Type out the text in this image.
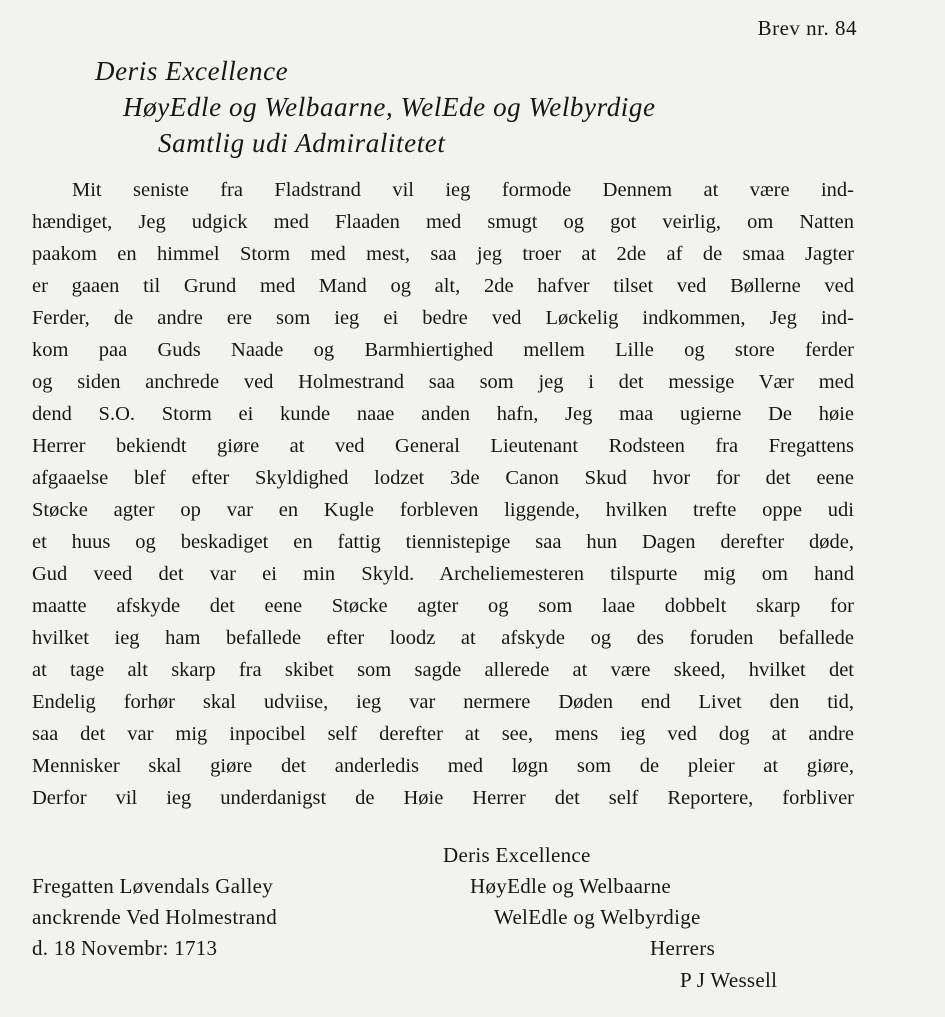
Brev nr. 84
Deris Excellence
HøyEdle og Welbaarne, WelEde og Welbyrdige
Samtlig udi Admiralitetet
Mit seniste fra Fladstrand vil ieg formode Dennem at være ind-
hændiget, Jeg udgick med Flaaden med smugt og got veirlig, om Natten
paakom en himmel Storm med mest, saa jeg troer at 2de af de smaa Jagter
er gaaen til Grund med Mand og alt, 2de hafver tilset ved Bøllerne ved
Ferder, de andre ere som ieg ei bedre ved Løckelig indkommen, Jeg ind-
kom paa Guds Naade og Barmhiertighed mellem Lille og store ferder
og siden anchrede ved Holmestrand saa som jeg i det messige Vær med
dend S.O. Storm ei kunde naae anden hafn, Jeg maa ugierne De høie
Herrer bekiendt giøre at ved General Lieutenant Rodsteen fra Fregattens
afgaaelse blef efter Skyldighed lodzet 3de Canon Skud hvor for det eene
Støcke agter op var en Kugle forbleven liggende, hvilken trefte oppe udi
et huus og beskadiget en fattig tiennistepige saa hun Dagen derefter døde,
Gud veed det var ei min Skyld. Archeliemesteren tilspurte mig om hand
maatte afskyde det eene Støcke agter og som laae dobbelt skarp for
hvilket ieg ham befallede efter loodz at afskyde og des foruden befallede
at tage alt skarp fra skibet som sagde allerede at være skeed, hvilket det
Endelig forhør skal udviise, ieg var nermere Døden end Livet den tid,
saa det var mig inpocibel self derefter at see, mens ieg ved dog at andre
Mennisker skal giøre det anderledis med løgn som de pleier at giøre,
Derfor vil ieg underdanigst de Høie Herrer det self Reportere, forbliver
Fregatten Løvendals Galley
anckrende Ved Holmestrand
d. 18 Novembr: 1713
Deris Excellence
HøyEdle og Welbaarne
WelEdle og Welbyrdige
Herrers
P J Wessell
